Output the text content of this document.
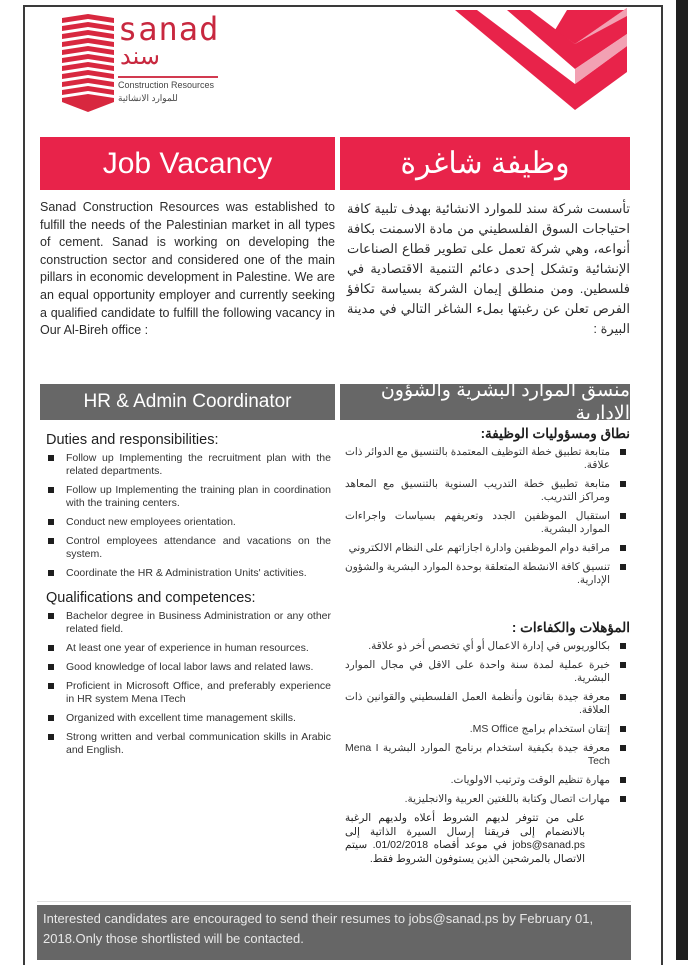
sanad
سند
Construction Resources
للموارد الانشائية
Job Vacancy	وظيفة شاغرة
Sanad Construction Resources was established to fulfill the needs of the Palestinian market in all types of cement. Sanad is working on developing the construction sector and considered one of the main pillars in economic development in Palestine. We are an equal opportunity employer and currently seeking a qualified candidate to fulfill the following vacancy in Our Al-Bireh office :
تأسست شركة سند للموارد الانشائية بهدف تلبية كافة احتياجات السوق الفلسطيني من مادة الاسمنت بكافة أنواعه، وهي شركة تعمل على تطوير قطاع الصناعات الإنشائية وتشكل إحدى دعائم التنمية الاقتصادية في فلسطين. ومن منطلق إيمان الشركة بسياسة تكافؤ الفرص تعلن عن رغبتها بملء الشاغر التالي في مدينة البيرة :
HR & Admin Coordinator
منسق الموارد البشرية والشؤون الإدارية
Duties and responsibilities:
Follow up Implementing the recruitment plan with the related departments.
Follow up Implementing the training plan in coordination with the training centers.
Conduct new employees orientation.
Control employees attendance and vacations on the system.
Coordinate the HR & Administration Units' activities.
Qualifications and competences:
Bachelor degree in Business Administration or any other related field.
At least one year of experience in human resources.
Good knowledge of local labor laws and related laws.
Proficient in Microsoft Office, and preferably experience in HR system Mena ITech
Organized with excellent time management skills.
Strong written and verbal communication skills in Arabic and English.
نطاق ومسؤوليات الوظيفة:
متابعة تطبيق خطة التوظيف المعتمدة بالتنسيق مع الدوائر ذات علاقة.
متابعة تطبيق خطة التدريب السنوية بالتنسيق مع المعاهد ومراكز التدريب.
استقبال الموظفين الجدد وتعريفهم بسياسات واجراءات الموارد البشرية.
مراقبة دوام الموظفين وادارة اجازاتهم على النظام الالكتروني
تنسيق كافة الانشطة المتعلقة بوحدة الموارد البشرية والشؤون الإدارية.
المؤهلات والكفاءات :
بكالوريوس في إدارة الاعمال أو أي تخصص أخر ذو علاقة.
خبرة عملية لمدة سنة واحدة على الاقل في مجال الموارد البشرية.
معرفة جيدة بقانون وأنظمة العمل الفلسطيني والقوانين ذات العلاقة.
إتقان استخدام برامج MS Office.
معرفة جيدة بكيفية استخدام برنامج الموارد البشرية Mena I Tech
مهارة تنظيم الوقت وترتيب الاولويات.
مهارات اتصال وكتابة باللغتين العربية والانجليزية.
على من تتوفر لديهم الشروط أعلاه ولديهم الرغبة بالانضمام إلى فريقنا إرسال السيرة الذاتية إلى jobs@sanad.ps في موعد أقصاه 01/02/2018. سيتم الاتصال بالمرشحين الذين يستوفون الشروط فقط.
Interested candidates are encouraged to send their resumes to jobs@sanad.ps by February 01, 2018.Only those shortlisted will be contacted.
